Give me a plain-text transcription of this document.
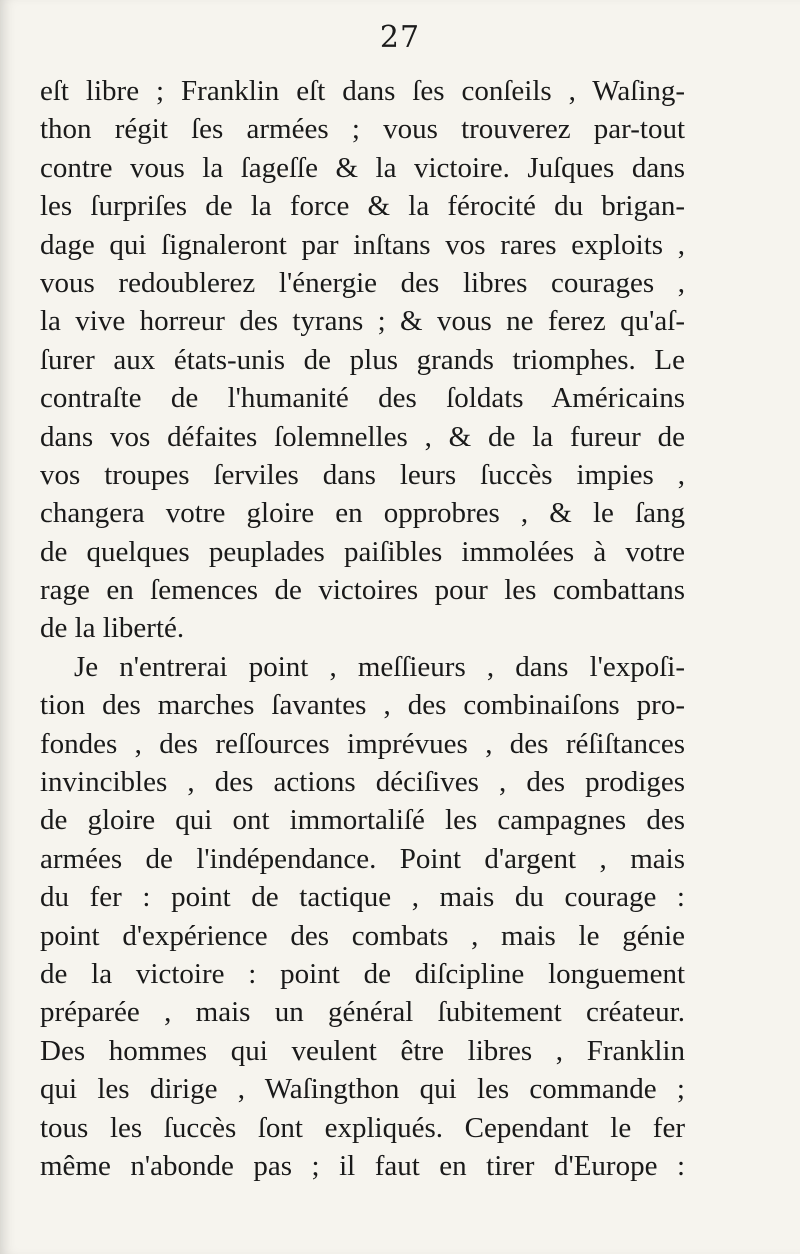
27
eſt libre ; Franklin eſt dans ſes conſeils , Waſing-
thon régit ſes armées ; vous trouverez par-tout
contre vous la ſageſſe & la victoire. Juſques dans
les ſurpriſes de la force & la férocité du brigan-
dage qui ſignaleront par inſtans vos rares exploits ,
vous redoublerez l'énergie des libres courages ,
la vive horreur des tyrans ; & vous ne ferez qu'aſ-
ſurer aux états-unis de plus grands triomphes. Le
contraſte de l'humanité des ſoldats Américains
dans vos défaites ſolemnelles , & de la fureur de
vos troupes ſerviles dans leurs ſuccès impies ,
changera votre gloire en opprobres , & le ſang
de quelques peuplades paiſibles immolées à votre
rage en ſemences de victoires pour les combattans
de la liberté.
Je n'entrerai point , meſſieurs , dans l'expoſi-
tion des marches ſavantes , des combinaiſons pro-
fondes , des reſſources imprévues , des réſiſtances
invincibles , des actions déciſives , des prodiges
de gloire qui ont immortaliſé les campagnes des
armées de l'indépendance. Point d'argent , mais
du fer : point de tactique , mais du courage :
point d'expérience des combats , mais le génie
de la victoire : point de diſcipline longuement
préparée , mais un général ſubitement créateur.
Des hommes qui veulent être libres , Franklin
qui les dirige , Waſingthon qui les commande ;
tous les ſuccès ſont expliqués. Cependant le fer
même n'abonde pas ; il faut en tirer d'Europe :
